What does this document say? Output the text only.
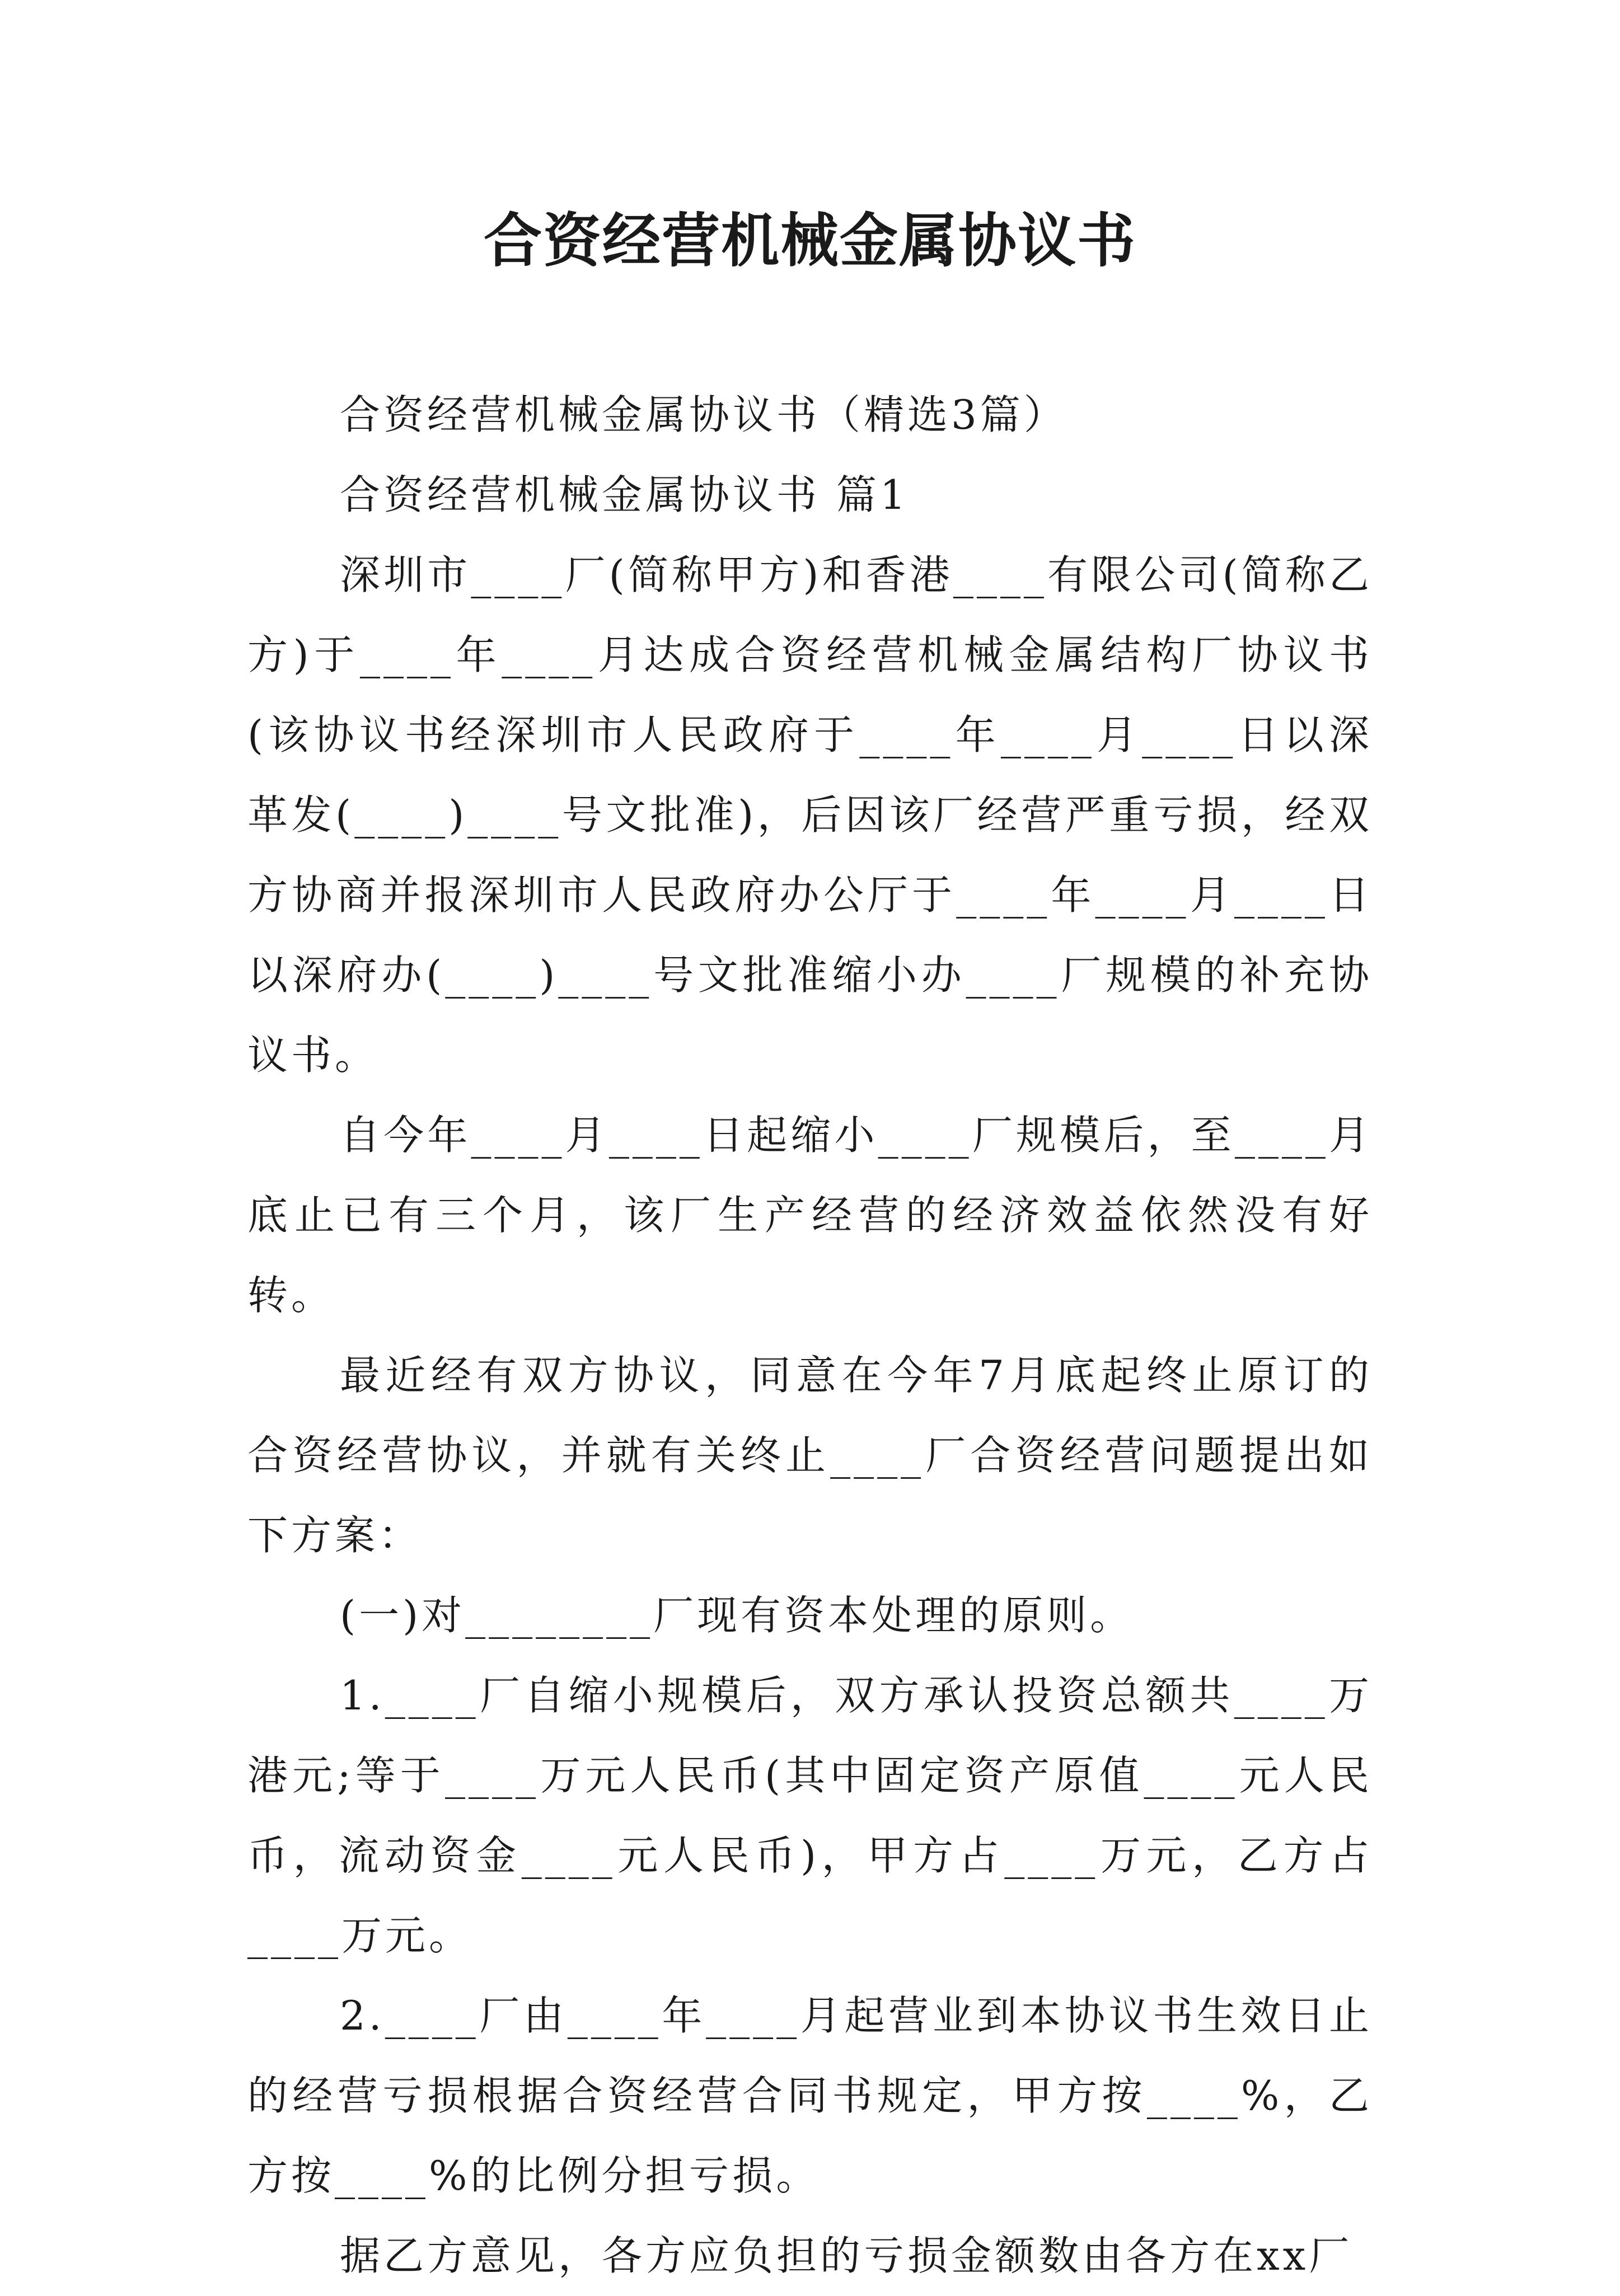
合资经营机械金属协议书

合资经营机械金属协议书（精选3篇）

合资经营机械金属协议书 篇1

深圳市____厂(简称甲方)和香港____有限公司(简称乙方)于____年____月达成合资经营机械金属结构厂协议书(该协议书经深圳市人民政府于____年____月____日以深革发(____)____号文批准)，后因该厂经营严重亏损，经双方协商并报深圳市人民政府办公厅于____年____月____日以深府办(____)____号文批准缩小办____厂规模的补充协议书。

自今年____月____日起缩小____厂规模后，至____月底止已有三个月，该厂生产经营的经济效益依然没有好转。

最近经有双方协议，同意在今年7月底起终止原订的合资经营协议，并就有关终止____厂合资经营问题提出如下方案：

(一)对________厂现有资本处理的原则。

1.____厂自缩小规模后，双方承认投资总额共____万港元;等于____万元人民币(其中固定资产原值____元人民币，流动资金____元人民币)，甲方占____万元，乙方占____万元。

2.____厂由____年____月起营业到本协议书生效日止的经营亏损根据合资经营合同书规定，甲方按____%，乙方按____%的比例分担亏损。

据乙方意见，各方应负担的亏损金额数由各方在xx厂
